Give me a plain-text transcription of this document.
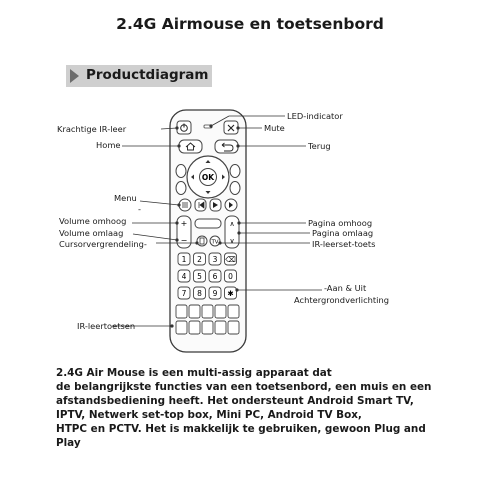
2.4G Airmouse en toetsenbord
Productdiagram
OK
+
−
∧
∨
TV
1 2 3 ⌫
4 5 6 0
7 8 9 ✱
Krachtige IR-leer
LED-indicator
Mute
Home	Terug
Menu
-
Volume omhoog
Volume omlaag
Cursorvergrendeling-
Pagina omhoog
Pagina omlaag
IR-leerset-toets
-Aan & Uit
Achtergrondverlichting
IR-leertoetsen
2.4G Air Mouse is een multi-assig apparaat dat
de belangrijkste functies van een toetsenbord, een muis en een
afstandsbediening heeft. Het ondersteunt Android Smart TV,
IPTV, Netwerk set-top box, Mini PC, Android TV Box,
HTPC en PCTV. Het is makkelijk te gebruiken, gewoon Plug and
Play
